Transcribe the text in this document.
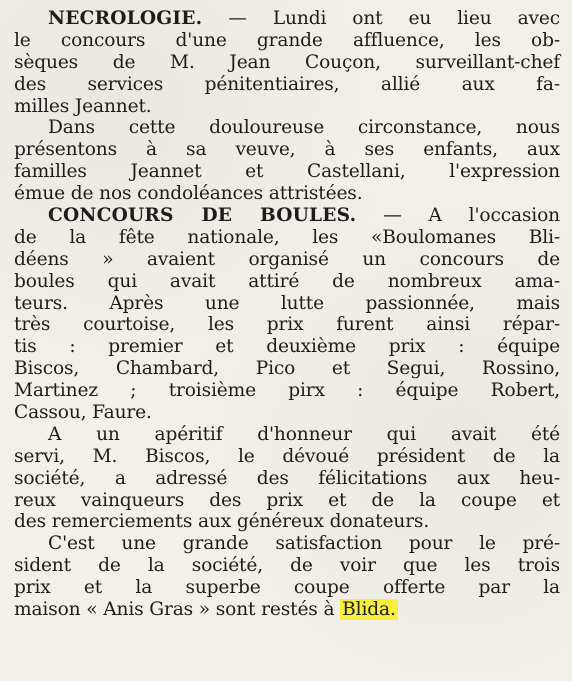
NECROLOGIE. — Lundi ont eu lieu avec
le concours d'une grande affluence, les ob-
sèques de M. Jean Couçon, surveillant-chef
des services pénitentiaires, allié aux fa-
milles Jeannet.
Dans cette douloureuse circonstance, nous
présentons à sa veuve, à ses enfants, aux
familles Jeannet et Castellani, l'expression
émue de nos condoléances attristées.
CONCOURS DE BOULES. — A l'occasion
de la fête nationale, les «Boulomanes Bli-
déens » avaient organisé un concours de
boules qui avait attiré de nombreux ama-
teurs. Après une lutte passionnée, mais
très courtoise, les prix furent ainsi répar-
tis : premier et deuxième prix : équipe
Biscos, Chambard, Pico et Segui, Rossino,
Martinez ; troisième pirx : équipe Robert,
Cassou, Faure.
A un apéritif d'honneur qui avait été
servi, M. Biscos, le dévoué président de la
société, a adressé des félicitations aux heu-
reux vainqueurs des prix et de la coupe et
des remerciements aux généreux donateurs.
C'est une grande satisfaction pour le pré-
sident de la société, de voir que les trois
prix et la superbe coupe offerte par la
maison « Anis Gras » sont restés à Blida.
